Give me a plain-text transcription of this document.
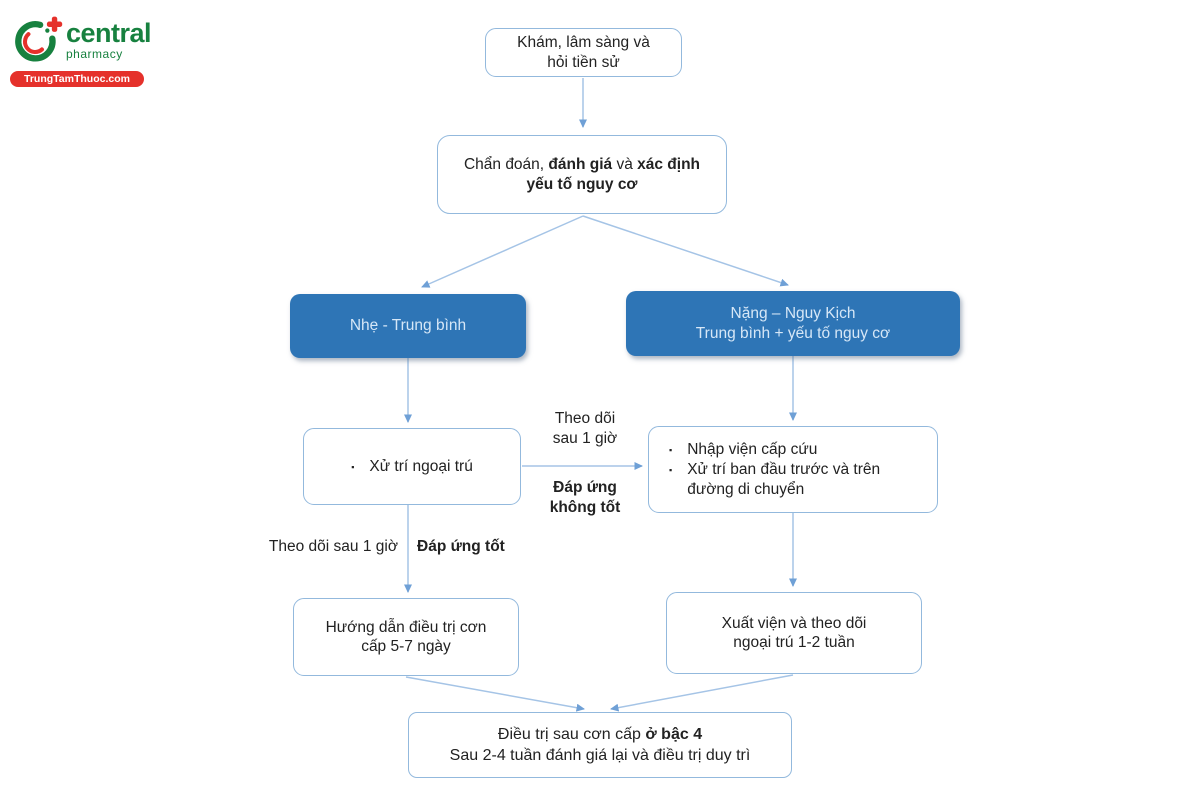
central
pharmacy
TrungTamThuoc.com
Khám, lâm sàng và
hỏi tiền sử
Chẩn đoán, đánh giá và xác định
yếu tố nguy cơ
Nhẹ - Trung bình
Nặng – Nguy Kịch
Trung bình + yếu tố nguy cơ
▪ Xử trí ngoại trú
▪ Nhập viện cấp cứu
▪ Xử trí ban đầu trước và trên đường di chuyển
Hướng dẫn điều trị cơn
cấp 5-7 ngày
Xuất viện và theo dõi
ngoại trú 1-2 tuần
Điều trị sau cơn cấp ở bậc 4
Sau 2-4 tuần đánh giá lại và điều trị duy trì
Theo dõi
sau 1 giờ
Đáp ứng
không tốt
Theo dõi sau 1 giờ Đáp ứng tốt
